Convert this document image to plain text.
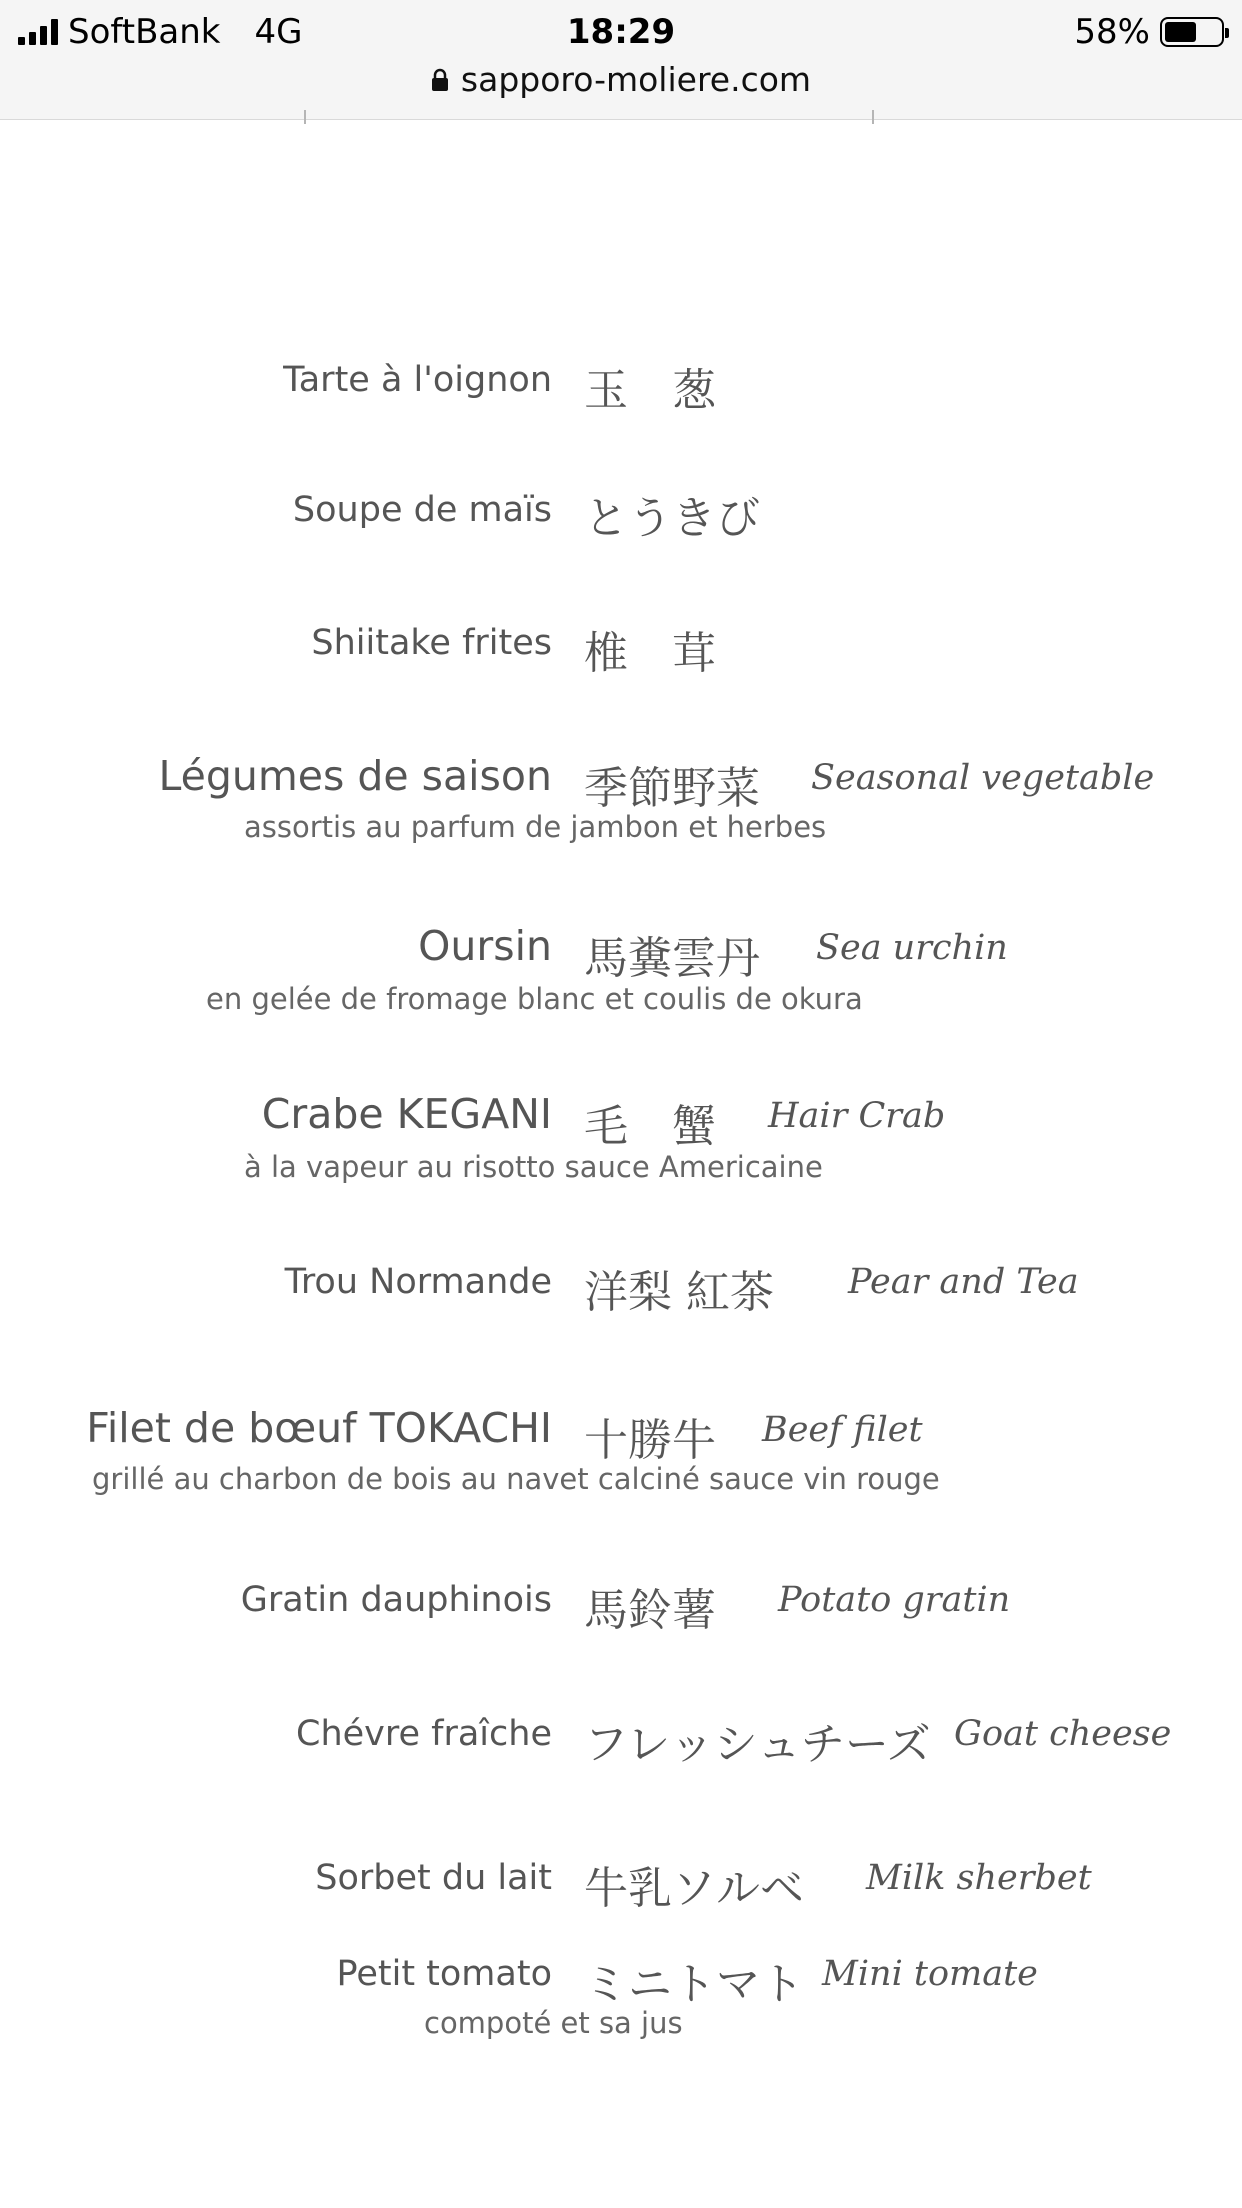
SoftBank 4G	18:29	58%
sapporo-moliere.com
Tarte à l'oignon 玉　葱
Soupe de maïs とうきび
Shiitake frites 椎　茸
Légumes de saison 季節野菜 Seasonal vegetable
assortis au parfum de jambon et herbes
Oursin 馬糞雲丹 Sea urchin
en gelée de fromage blanc et coulis de okura
Crabe KEGANI 毛　蟹 Hair Crab
à la vapeur au risotto sauce Americaine
Trou Normande 洋梨 紅茶 Pear and Tea
Filet de bœuf TOKACHI 十勝牛 Beef filet
grillé au charbon de bois au navet calciné sauce vin rouge
Gratin dauphinois 馬鈴薯 Potato gratin
Chévre fraîche フレッシュチーズ Goat cheese
Sorbet du lait 牛乳ソルベ Milk sherbet
Petit tomato ミニトマト Mini tomate
compoté et sa jus
